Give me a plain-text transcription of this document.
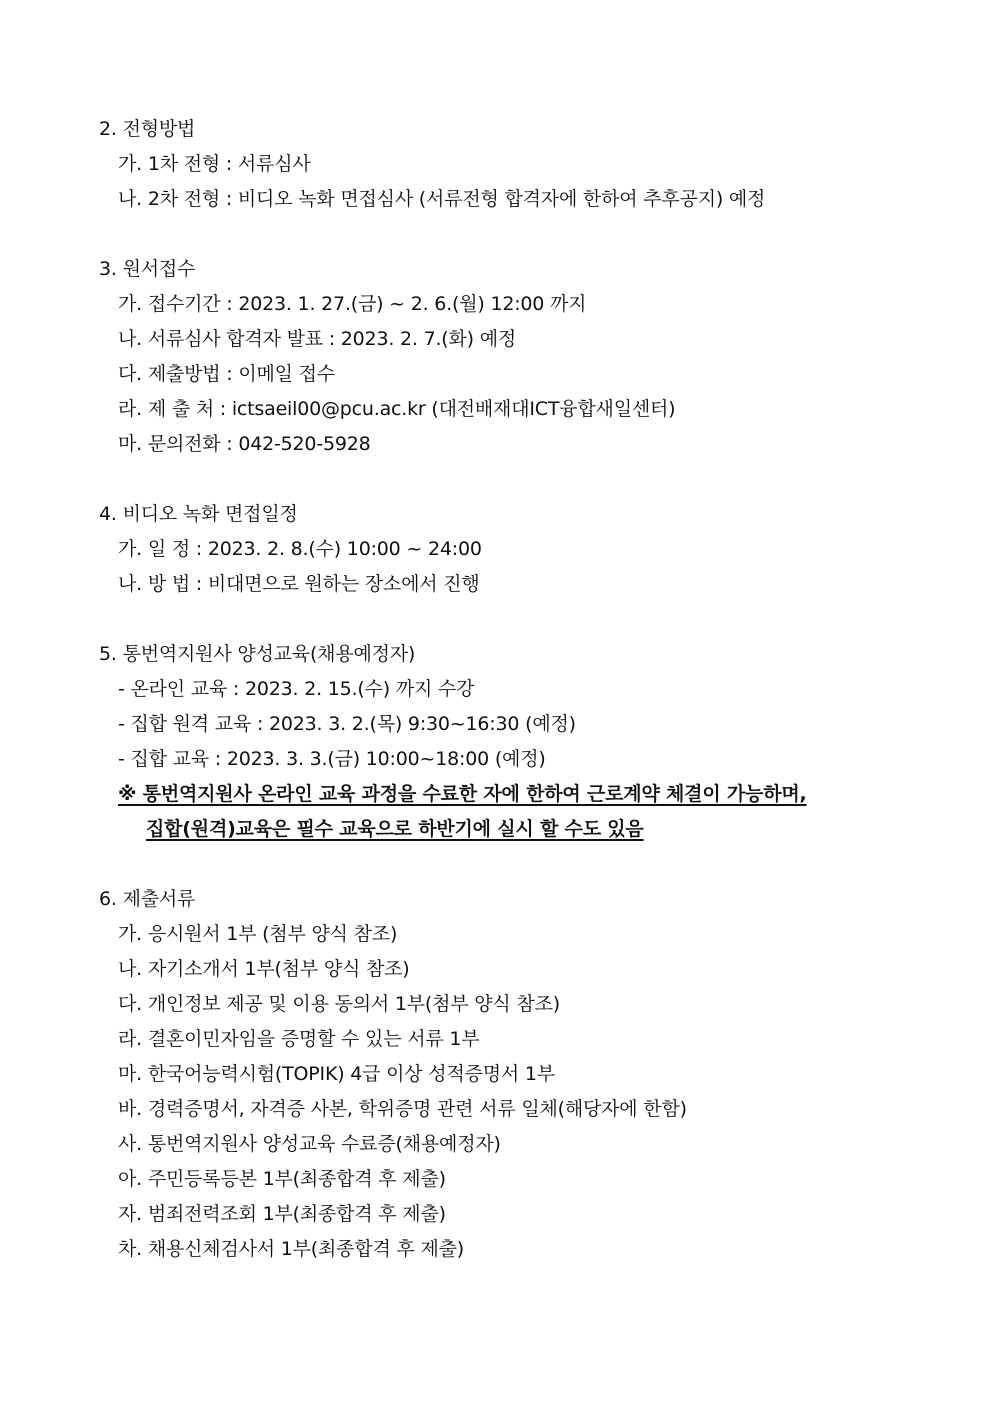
2. 전형방법
가. 1차 전형 : 서류심사
나. 2차 전형 : 비디오 녹화 면접심사 (서류전형 합격자에 한하여 추후공지) 예정
3. 원서접수
가. 접수기간 : 2023. 1. 27.(금) ~ 2. 6.(월) 12:00 까지
나. 서류심사 합격자 발표 : 2023. 2. 7.(화) 예정
다. 제출방법 : 이메일 접수
라. 제 출 처 : ictsaeil00@pcu.ac.kr (대전배재대ICT융합새일센터)
마. 문의전화 : 042-520-5928
4. 비디오 녹화 면접일정
가. 일 정 : 2023. 2. 8.(수) 10:00 ~ 24:00
나. 방 법 : 비대면으로 원하는 장소에서 진행
5. 통번역지원사 양성교육(채용예정자)
- 온라인 교육 : 2023. 2. 15.(수) 까지 수강
- 집합 원격 교육 : 2023. 3. 2.(목) 9:30~16:30 (예정)
- 집합 교육 : 2023. 3. 3.(금) 10:00~18:00 (예정)
※ 통번역지원사 온라인 교육 과정을 수료한 자에 한하여 근로계약 체결이 가능하며,
집합(원격)교육은 필수 교육으로 하반기에 실시 할 수도 있음
6. 제출서류
가. 응시원서 1부 (첨부 양식 참조)
나. 자기소개서 1부(첨부 양식 참조)
다. 개인정보 제공 및 이용 동의서 1부(첨부 양식 참조)
라. 결혼이민자임을 증명할 수 있는 서류 1부
마. 한국어능력시험(TOPIK) 4급 이상 성적증명서 1부
바. 경력증명서, 자격증 사본, 학위증명 관련 서류 일체(해당자에 한함)
사. 통번역지원사 양성교육 수료증(채용예정자)
아. 주민등록등본 1부(최종합격 후 제출)
자. 범죄전력조회 1부(최종합격 후 제출)
차. 채용신체검사서 1부(최종합격 후 제출)
